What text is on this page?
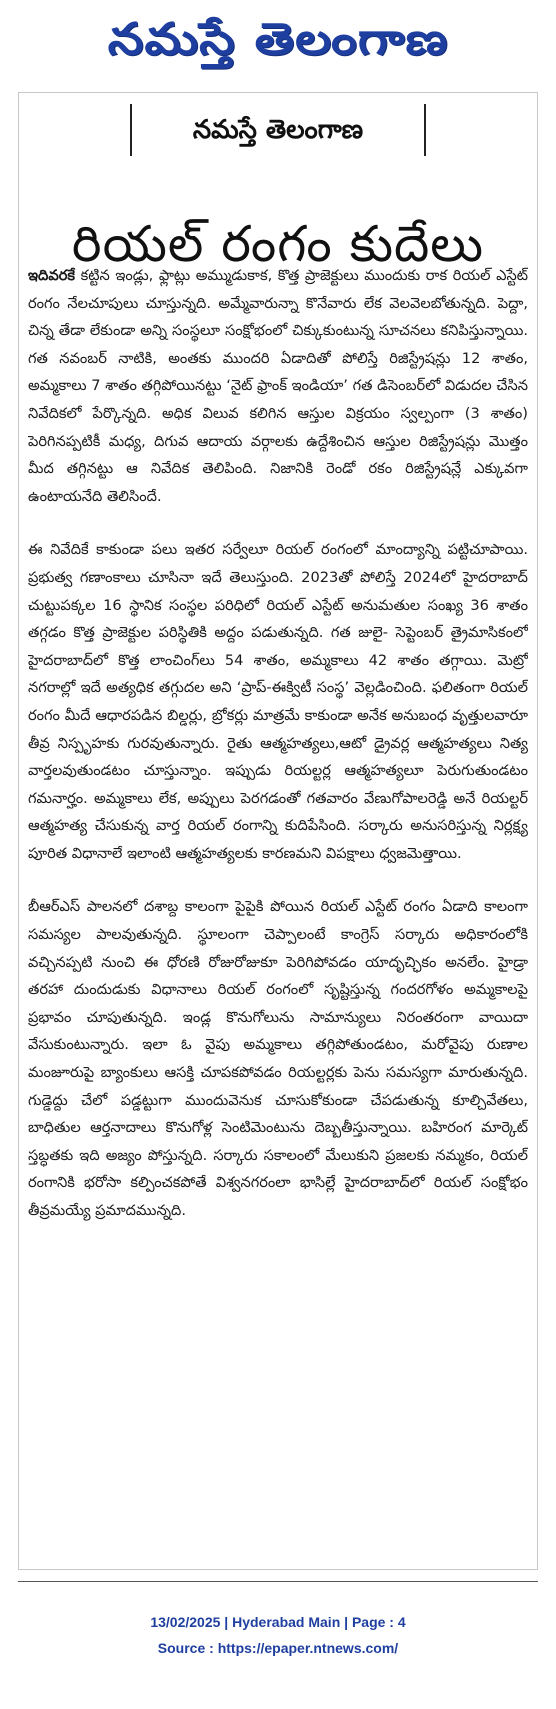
నమస్తే తెలంగాణ
నమస్తే తెలంగాణ
రియల్ రంగం కుదేలు

ఇదివరకే కట్టిన ఇండ్లు, ఫ్లాట్లు అమ్ముడుకాక, కొత్త ప్రాజెక్టులు ముందుకు రాక రియల్ ఎస్టేట్ రంగం నేలచూపులు చూస్తున్నది. అమ్మేవారున్నా కొనేవారు లేక వెలవెలబోతున్నది. పెద్దా, చిన్న తేడా లేకుండా అన్ని సంస్థలూ సంక్షోభంలో చిక్కుకుంటున్న సూచనలు కనిపిస్తున్నాయి. గత నవంబర్ నాటికి, అంతకు ముందరి ఏడాదితో పోలిస్తే రిజిస్ట్రేషన్లు 12 శాతం, అమ్మకాలు 7 శాతం తగ్గిపోయినట్టు ‘నైట్ ఫ్రాంక్ ఇండియా’ గత డిసెంబర్‌లో విడుదల చేసిన నివేదికలో పేర్కొన్నది. అధిక విలువ కలిగిన ఆస్తుల విక్రయం స్వల్పంగా (3 శాతం) పెరిగినప్పటికీ మధ్య, దిగువ ఆదాయ వర్గాలకు ఉద్దేశించిన ఆస్తుల రిజిస్ట్రేషన్లు మొత్తం మీద తగ్గినట్టు ఆ నివేదిక తెలిపింది. నిజానికి రెండో రకం రిజిస్ట్రేషన్లే ఎక్కువగా ఉంటాయనేది తెలిసిందే.

ఈ నివేదికే కాకుండా పలు ఇతర సర్వేలూ రియల్ రంగంలో మాంద్యాన్ని పట్టిచూపాయి. ప్రభుత్వ గణాంకాలు చూసినా ఇదే తెలుస్తుంది. 2023తో పోలిస్తే 2024లో హైదరాబాద్ చుట్టుపక్కల 16 స్థానిక సంస్థల పరిధిలో రియల్ ఎస్టేట్ అనుమతుల సంఖ్య 36 శాతం తగ్గడం కొత్త ప్రాజెక్టుల పరిస్థితికి అద్దం పడుతున్నది. గత జులై- సెప్టెంబర్ త్రైమాసికంలో హైదరాబాద్‌లో కొత్త లాంచింగ్‌లు 54 శాతం, అమ్మకాలు 42 శాతం తగ్గాయి. మెట్రో నగరాల్లో ఇదే అత్యధిక తగ్గుదల అని ‘ప్రాప్-ఈక్విటీ సంస్థ’ వెల్లడించింది. ఫలితంగా రియల్ రంగం మీదే ఆధారపడిన బిల్డర్లు, బ్రోకర్లు మాత్రమే కాకుండా అనేక అనుబంధ వృత్తులవారూ తీవ్ర నిస్పృహకు గురవుతున్నారు. రైతు ఆత్మహత్యలు,ఆటో డ్రైవర్ల ఆత్మహత్యలు నిత్య వార్తలవుతుండటం చూస్తున్నాం. ఇప్పుడు రియల్టర్ల ఆత్మహత్యలూ పెరుగుతుండటం గమనార్హం. అమ్మకాలు లేక, అప్పులు పెరగడంతో గతవారం వేణుగోపాలరెడ్డి అనే రియల్టర్ ఆత్మహత్య చేసుకున్న వార్త రియల్ రంగాన్ని కుదిపేసింది. సర్కారు అనుసరిస్తున్న నిర్లక్ష్య పూరిత విధానాలే ఇలాంటి ఆత్మహత్యలకు కారణమని విపక్షాలు ధ్వజమెత్తాయి.

బీఆర్ఎస్ పాలనలో దశాబ్ద కాలంగా పైపైకి పోయిన రియల్ ఎస్టేట్ రంగం ఏడాది కాలంగా సమస్యల పాలవుతున్నది. స్థూలంగా చెప్పాలంటే కాంగ్రెస్ సర్కారు అధికారంలోకి వచ్చినప్పటి నుంచి ఈ ధోరణి రోజురోజుకూ పెరిగిపోవడం యాదృచ్ఛికం అనలేం. హైడ్రా తరహా దుందుడుకు విధానాలు రియల్ రంగంలో సృష్టిస్తున్న గందరగోళం అమ్మకాలపై ప్రభావం చూపుతున్నది. ఇండ్ల కొనుగోలును సామాన్యులు నిరంతరంగా వాయిదా వేసుకుంటున్నారు. ఇలా ఓ వైపు అమ్మకాలు తగ్గిపోతుండటం, మరోవైపు రుణాల మంజూరుపై బ్యాంకులు ఆసక్తి చూపకపోవడం రియల్టర్లకు పెను సమస్యగా మారుతున్నది. గుడ్డెద్దు చేలో పడ్డట్టుగా ముందువెనుక చూసుకోకుండా చేపడుతున్న కూల్చివేతలు, బాధితుల ఆర్తనాదాలు కొనుగోళ్ల సెంటిమెంటును దెబ్బతీస్తున్నాయి. బహిరంగ మార్కెట్ స్తబ్ధతకు ఇది అజ్యం పోస్తున్నది. సర్కారు సకాలంలో మేలుకుని ప్రజలకు నమ్మకం, రియల్ రంగానికి భరోసా కల్పించకపోతే విశ్వనగరంలా భాసిల్లే హైదరాబాద్‌లో రియల్ సంక్షోభం తీవ్రమయ్యే ప్రమాదమున్నది.

13/02/2025 | Hyderabad Main | Page : 4
Source : https://epaper.ntnews.com/
